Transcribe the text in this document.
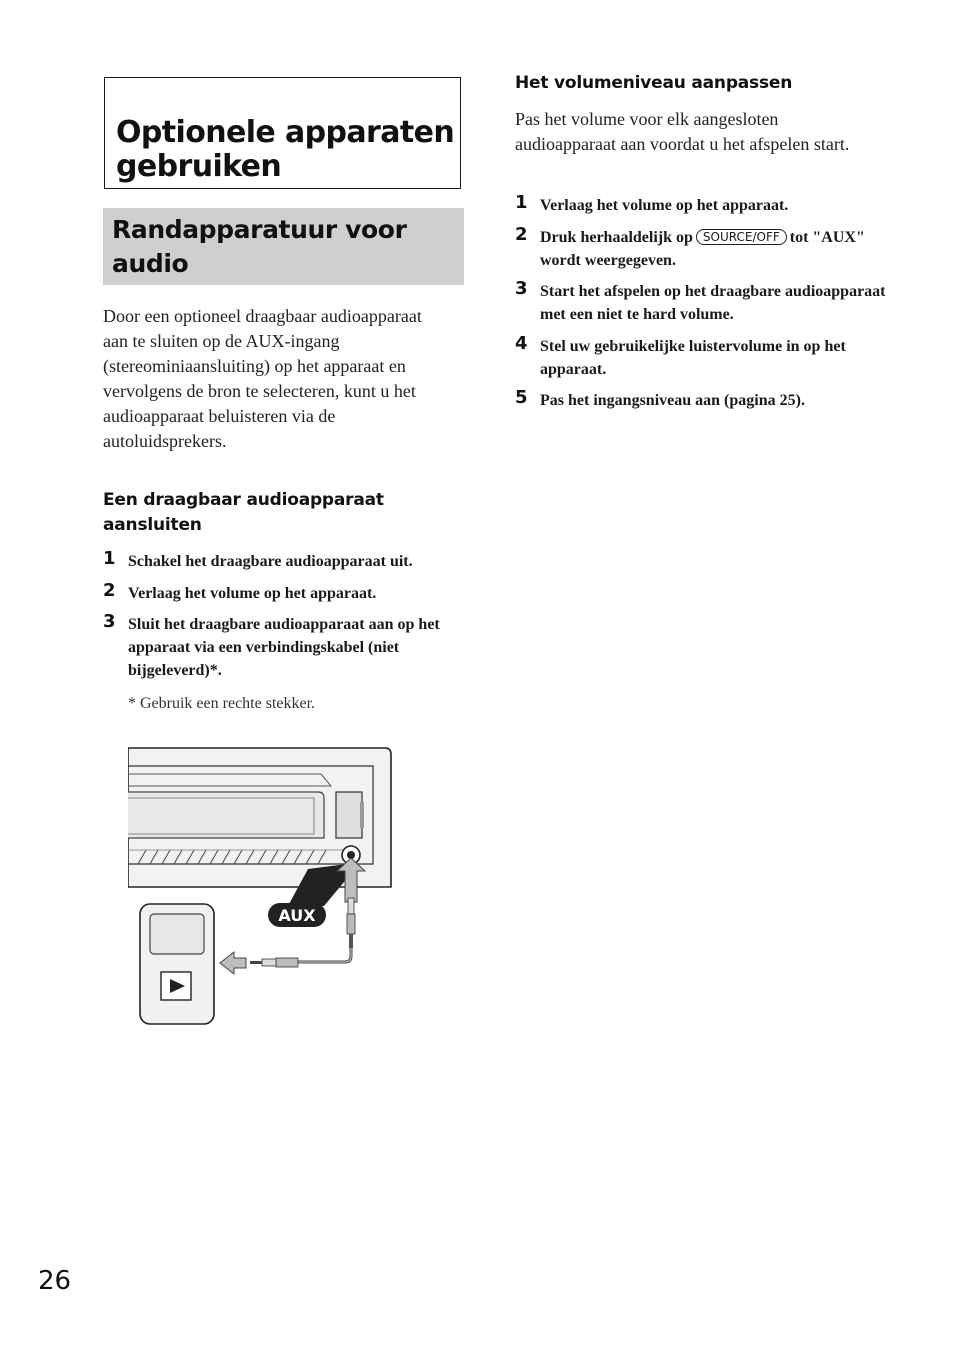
Optionele apparaten gebruiken
Randapparatuur voor audio
Door een optioneel draagbaar audioapparaat aan te sluiten op de AUX-ingang (stereominiaansluiting) op het apparaat en vervolgens de bron te selecteren, kunt u het audioapparaat beluisteren via de autoluidsprekers.
Een draagbaar audioapparaat aansluiten
1 Schakel het draagbare audioapparaat uit.
2 Verlaag het volume op het apparaat.
3 Sluit het draagbare audioapparaat aan op het apparaat via een verbindingskabel (niet bijgeleverd)*.
* Gebruik een rechte stekker.
AUX
Het volumeniveau aanpassen
Pas het volume voor elk aangesloten audioapparaat aan voordat u het afspelen start.
1 Verlaag het volume op het apparaat.
2 Druk herhaaldelijk op SOURCE/OFF tot "AUX" wordt weergegeven.
3 Start het afspelen op het draagbare audioapparaat met een niet te hard volume.
4 Stel uw gebruikelijke luistervolume in op het apparaat.
5 Pas het ingangsniveau aan (pagina 25).
26
